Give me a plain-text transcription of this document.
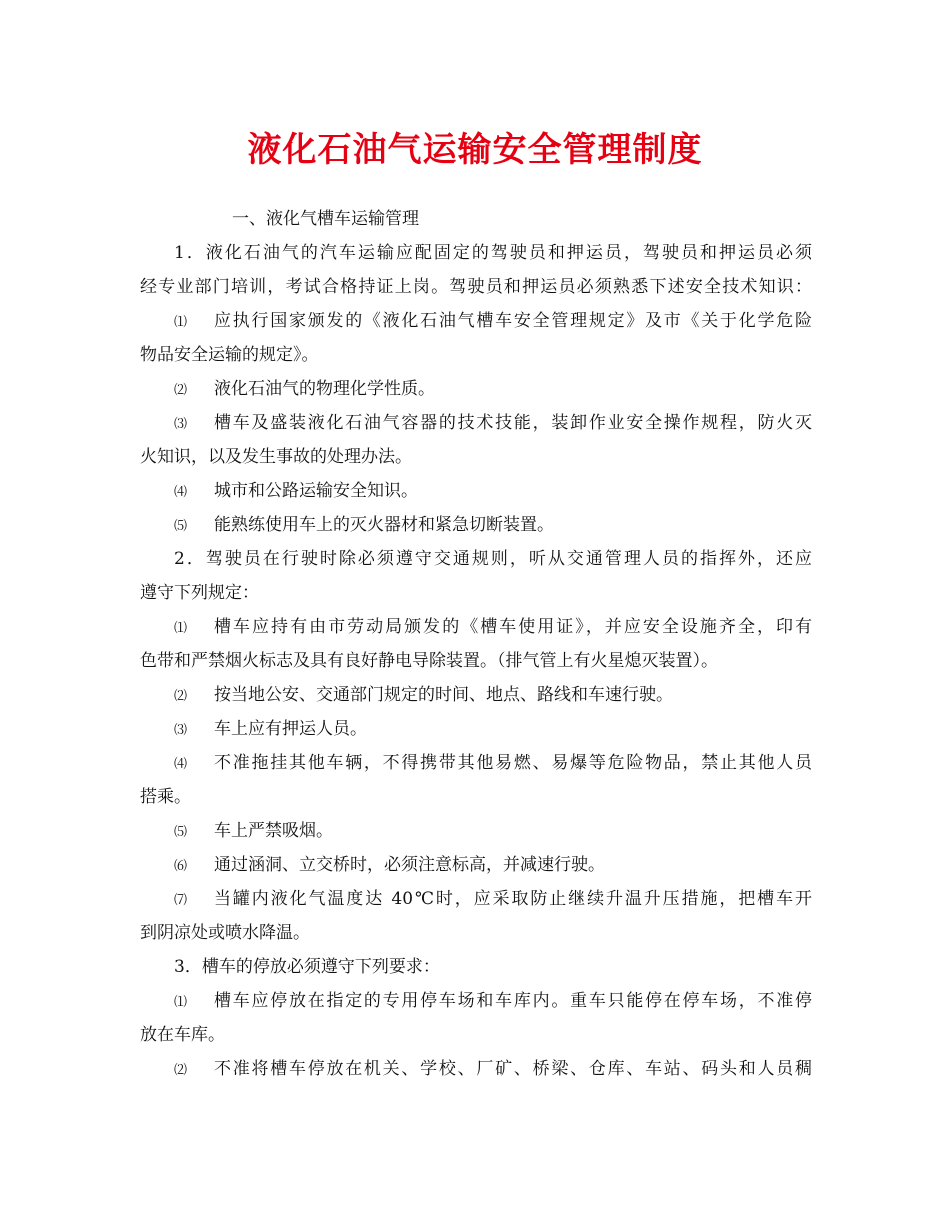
液化石油气运输安全管理制度
一、液化气槽车运输管理
1．液化石油气的汽车运输应配固定的驾驶员和押运员，驾驶员和押运员必须
经专业部门培训，考试合格持证上岗。驾驶员和押运员必须熟悉下述安全技术知识：
⑴ 应执行国家颁发的《液化石油气槽车安全管理规定》及市《关于化学危险
物品安全运输的规定》。
⑵ 液化石油气的物理化学性质。
⑶ 槽车及盛装液化石油气容器的技术技能，装卸作业安全操作规程，防火灭
火知识，以及发生事故的处理办法。
⑷ 城市和公路运输安全知识。
⑸ 能熟练使用车上的灭火器材和紧急切断装置。
2．驾驶员在行驶时除必须遵守交通规则，听从交通管理人员的指挥外，还应
遵守下列规定：
⑴ 槽车应持有由市劳动局颁发的《槽车使用证》，并应安全设施齐全，印有
色带和严禁烟火标志及具有良好静电导除装置。（排气管上有火星熄灭装置）。
⑵ 按当地公安、交通部门规定的时间、地点、路线和车速行驶。
⑶ 车上应有押运人员。
⑷ 不准拖挂其他车辆，不得携带其他易燃、易爆等危险物品，禁止其他人员
搭乘。
⑸ 车上严禁吸烟。
⑹ 通过涵洞、立交桥时，必须注意标高，并减速行驶。
⑺ 当罐内液化气温度达 40℃时，应采取防止继续升温升压措施，把槽车开
到阴凉处或喷水降温。
3．槽车的停放必须遵守下列要求：
⑴ 槽车应停放在指定的专用停车场和车库内。重车只能停在停车场，不准停
放在车库。
⑵ 不准将槽车停放在机关、学校、厂矿、桥梁、仓库、车站、码头和人员稠
